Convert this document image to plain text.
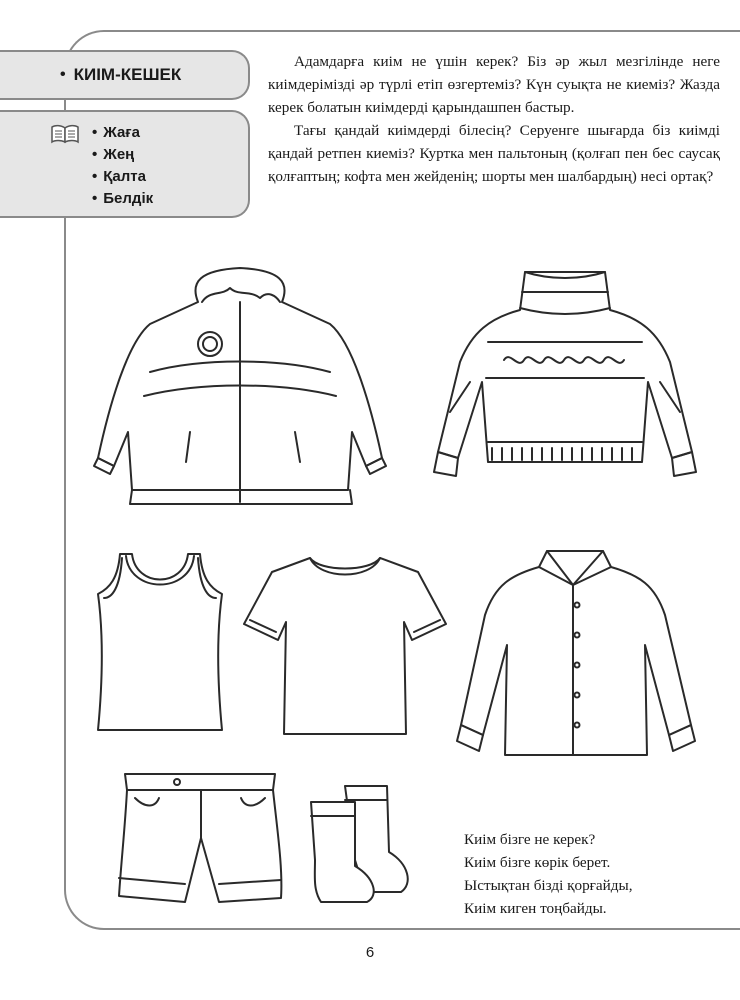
• КИІМ-КЕШЕК
• Жаға
• Жең
• Қалта
• Белдік

Адамдарға киім не үшін керек? Біз әр жыл мезгілінде неге киімдерімізді әр түрлі етіп өзгертеміз? Күн суықта не киеміз? Жазда керек болатын киімдерді қарындашпен бастыр.

Тағы қандай киімдерді білесің? Серуенге шығарда біз киімді қандай ретпен киеміз? Куртка мен пальтоның (қолғап пен бес саусақ қолғаптың; кофта мен жейденің; шорты мен шалбардың) несі ортақ?

Киім бізге не керек?
Киім бізге көрік берет.
Ыстықтан бізді қорғайды,
Киім киген тоңбайды.
6
